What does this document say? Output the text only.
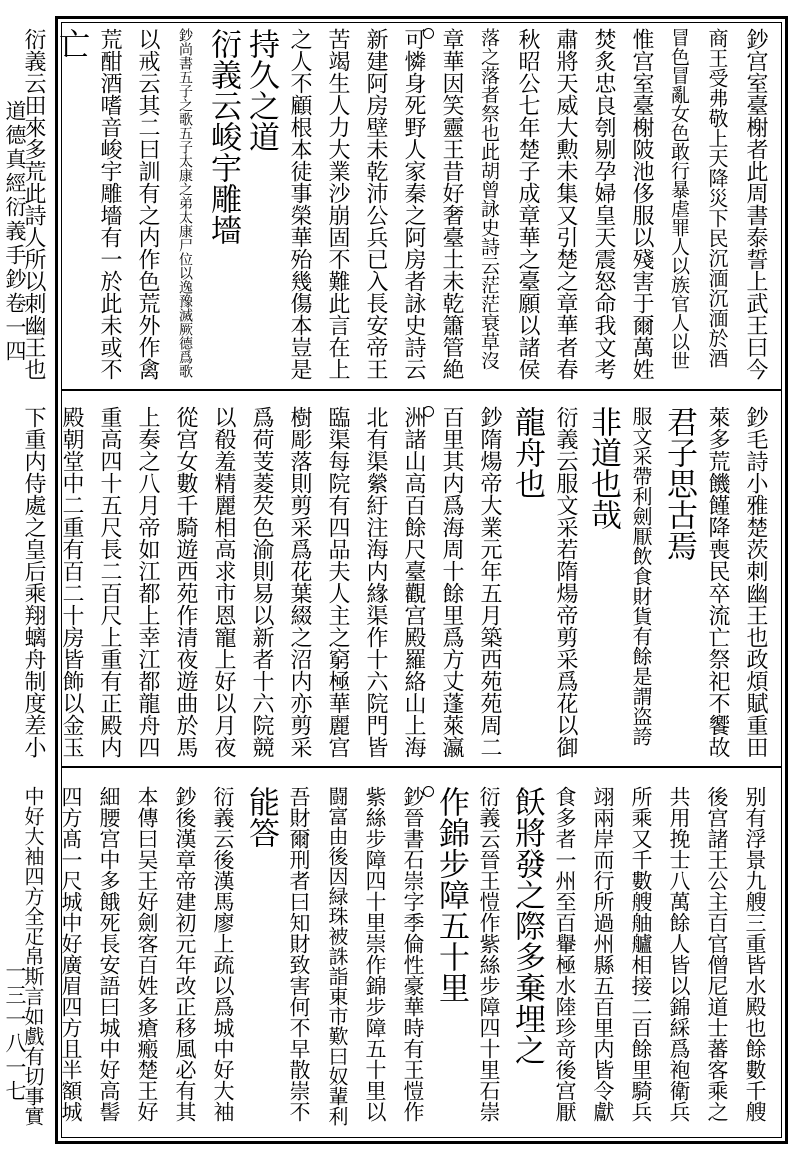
道德真經衍義手鈔
卷一四
一三一八一七
鈔宫室臺榭者此周書泰誓上武王曰今
商王受弗敬上天降災下民沉湎沉湎於酒
冒色冒亂女色敢行暴虐罪人以族官人以世
惟宫室臺榭陂池侈服以殘害于爾萬姓
焚炙忠良刳剔孕婦皇天震怒命我文考
肅將天威大勲未集又引楚之章華者春
秋昭公七年楚子成章華之臺願以諸侯
落之落者祭也此胡曾詠史詩云茫茫衰草沒
章華因笑靈王昔好奢臺土未乾簫管絶
可憐身死野人家秦之阿房者詠史詩云
新建阿房壁未乾沛公兵已入長安帝王
苦竭生人力大業沙崩固不難此言在上
之人不顧根本徒事榮華殆幾傷本豈是
持久之道
衍義云峻宇雕墻
鈔尚書五子之歌五子太康之弟太康尸位以逸豫滅厥德爲歌
以戒云其二曰訓有之内作色荒外作禽
荒酣酒嗜音峻宇雕墻有一於此未或不
亡
衍義云田來多荒此詩人所以刺幽王也
鈔毛詩小雅楚茨刺幽王也政煩賦重田
萊多荒饑饉降喪民卒流亡祭祀不饗故
君子思古焉
服文采帶利劍厭飲食財貨有餘是謂盗誇
非道也哉
衍義云服文采若隋煬帝剪采爲花以御
龍舟也
鈔隋煬帝大業元年五月築西苑苑周二
百里其内爲海周十餘里爲方丈蓬萊瀛
洲諸山高百餘尺臺觀宫殿羅絡山上海
北有渠縈紆注海内緣渠作十六院門皆
臨渠每院有四品夫人主之窮極華麗宫
樹彫落則剪采爲花葉綴之沼内亦剪采
爲荷芰菱芡色渝則易以新者十六院競
以殽羞精麗相高求市恩寵上好以月夜
從宫女數千騎遊西苑作清夜遊曲於馬
上奏之八月帝如江都上幸江都龍舟四
重高四十五尺長二百尺上重有正殿内
殿朝堂中二重有百二十房皆飾以金玉
下重内侍處之皇后乘翔螭舟制度差小
别有浮景九艘三重皆水殿也餘數千艘
後宫諸王公主百官僧尼道士蕃客乘之
共用挽士八萬餘人皆以錦綵爲袍衛兵
所乘又千數艘舳艫相接二百餘里騎兵
翊兩岸而行所過州縣五百里内皆令獻
食多者一州至百轝極水陸珍竒後宫厭
飫將發之際多棄埋之
衍義云晉王愷作紫絲步障四十里石崇
作錦步障五十里
鈔晉書石崇字季倫性豪華時有王愷作
紫絲步障四十里崇作錦步障五十里以
闘富由後因緑珠被誅詣東市歎曰奴輩利
吾財爾刑者曰知財致害何不早散崇不
能答
衍義云後漢馬廖上疏以爲城中好大袖
鈔後漢章帝建初元年改正移風必有其
本傳曰吴王好劍客百姓多瘡瘢楚王好
細腰宫中多餓死長安語曰城中好高髻
四方髙一尺城中好廣眉四方且半額城
中好大袖四方全疋帛斯言如戲有切事實
